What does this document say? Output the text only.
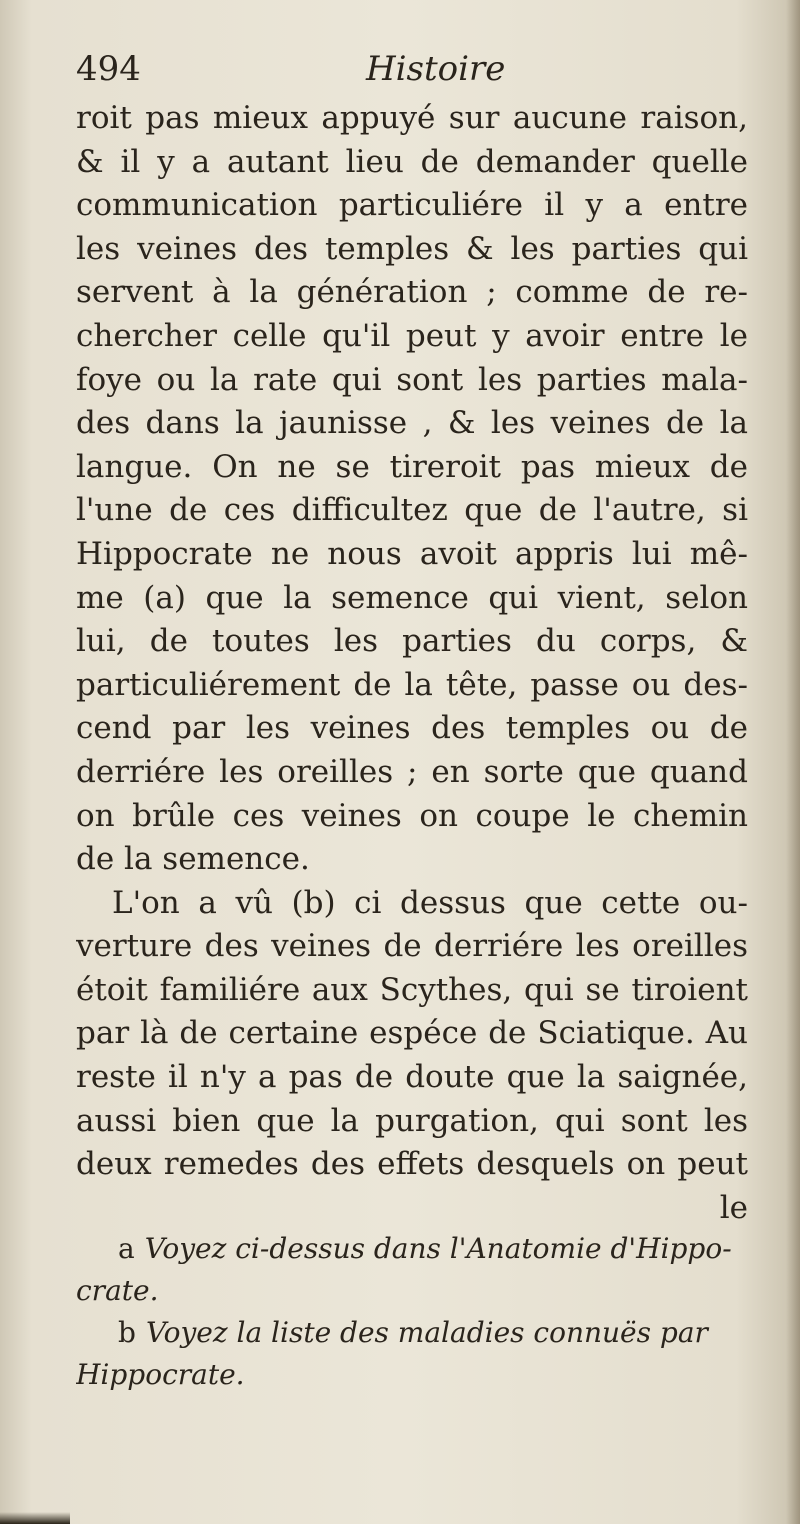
494	Histoire
roit pas mieux appuyé sur aucune raison,
& il y a autant lieu de demander quelle
communication particuliére il y a entre
les veines des temples & les parties qui
servent à la génération ; comme de re-
chercher celle qu'il peut y avoir entre le
foye ou la rate qui sont les parties mala-
des dans la jaunisse , & les veines de la
langue. On ne se tireroit pas mieux de
l'une de ces difficultez que de l'autre, si
Hippocrate ne nous avoit appris lui mê-
me (a) que la semence qui vient, selon
lui, de toutes les parties du corps, &
particuliérement de la tête, passe ou des-
cend par les veines des temples ou de
derriére les oreilles ; en sorte que quand
on brûle ces veines on coupe le chemin
de la semence.
L'on a vû (b) ci dessus que cette ou-
verture des veines de derriére les oreilles
étoit familiére aux Scythes, qui se tiroient
par là de certaine espéce de Sciatique. Au
reste il n'y a pas de doute que la saignée,
aussi bien que la purgation, qui sont les
deux remedes des effets desquels on peut
le
a Voyez ci-dessus dans l'Anatomie d'Hippo-
crate.
b Voyez la liste des maladies connuës par
Hippocrate.
